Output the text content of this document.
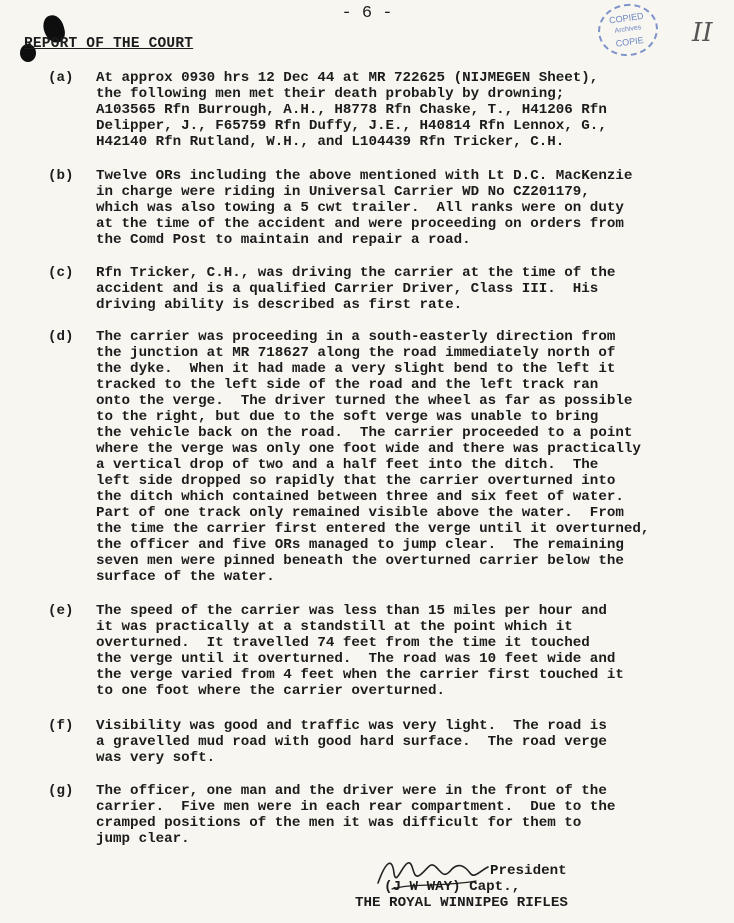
- 6 -	COPIED

Archives
COPIE	II
REPORT OF THE COURT
(a)	At approx 0930 hrs 12 Dec 44 at MR 722625 (NIJMEGEN Sheet),
the following men met their death probably by drowning;
A103565 Rfn Burrough, A.H., H8778 Rfn Chaske, T., H41206 Rfn
Delipper, J., F65759 Rfn Duffy, J.E., H40814 Rfn Lennox, G.,
H42140 Rfn Rutland, W.H., and L104439 Rfn Tricker, C.H.
(b)	Twelve ORs including the above mentioned with Lt D.C. MacKenzie
in charge were riding in Universal Carrier WD No CZ201179,
which was also towing a 5 cwt trailer.  All ranks were on duty
at the time of the accident and were proceeding on orders from
the Comd Post to maintain and repair a road.
(c)	Rfn Tricker, C.H., was driving the carrier at the time of the
accident and is a qualified Carrier Driver, Class III.  His
driving ability is described as first rate.
(d)	The carrier was proceeding in a south-easterly direction from
the junction at MR 718627 along the road immediately north of
the dyke.  When it had made a very slight bend to the left it
tracked to the left side of the road and the left track ran
onto the verge.  The driver turned the wheel as far as possible
to the right, but due to the soft verge was unable to bring
the vehicle back on the road.  The carrier proceeded to a point
where the verge was only one foot wide and there was practically
a vertical drop of two and a half feet into the ditch.  The
left side dropped so rapidly that the carrier overturned into
the ditch which contained between three and six feet of water.
Part of one track only remained visible above the water.  From
the time the carrier first entered the verge until it overturned,
the officer and five ORs managed to jump clear.  The remaining
seven men were pinned beneath the overturned carrier below the
surface of the water.
(e)	The speed of the carrier was less than 15 miles per hour and
it was practically at a standstill at the point which it
overturned.  It travelled 74 feet from the time it touched
the verge until it overturned.  The road was 10 feet wide and
the verge varied from 4 feet when the carrier first touched it
to one foot where the carrier overturned.
(f)	Visibility was good and traffic was very light.  The road is
a gravelled mud road with good hard surface.  The road verge
was very soft.
(g)	The officer, one man and the driver were in the front of the
carrier.  Five men were in each rear compartment.  Due to the
cramped positions of the men it was difficult for them to
jump clear.
President
(J W WAY) Capt.,
THE ROYAL WINNIPEG RIFLES
